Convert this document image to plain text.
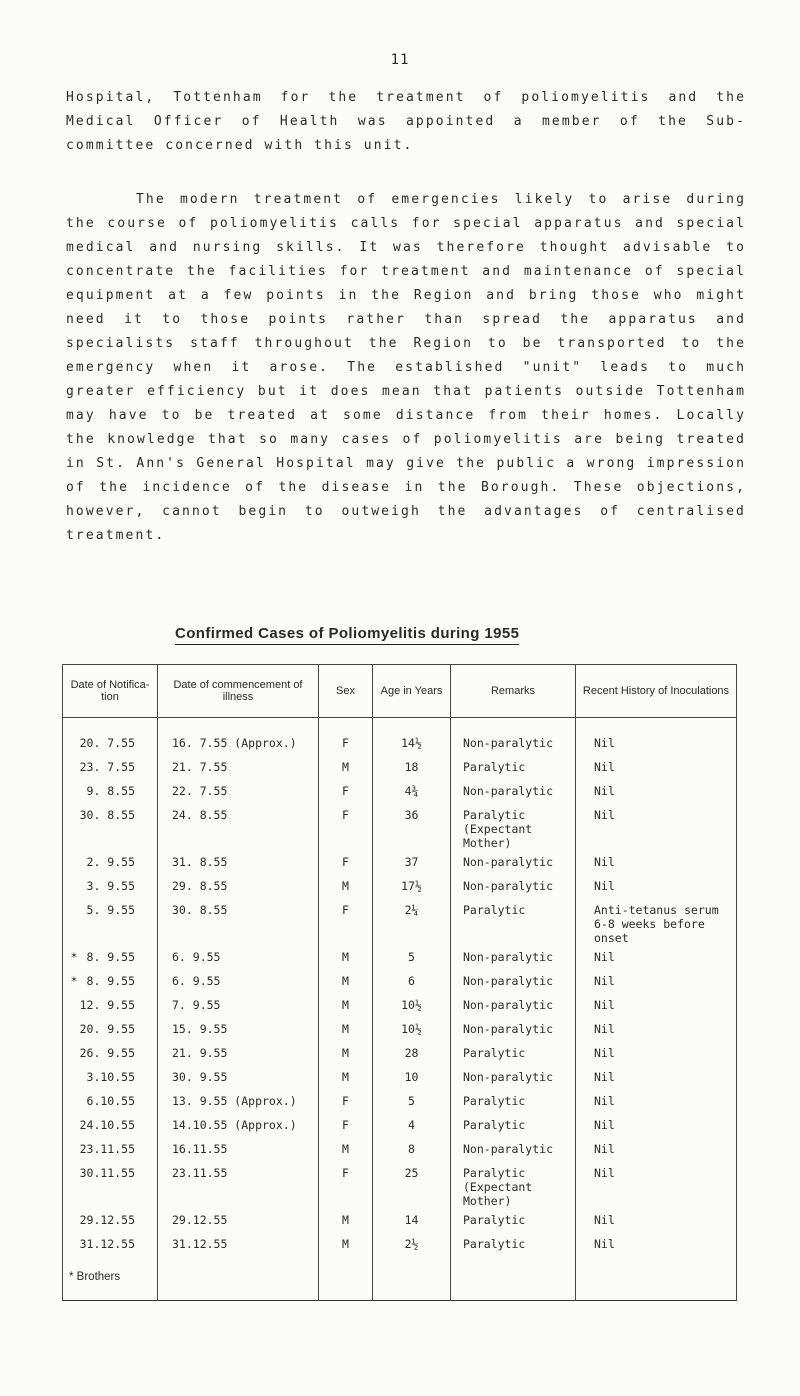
11

Hospital, Tottenham for the treatment of poliomyelitis and the Medical Officer of Health was appointed a member of the Sub-committee concerned with this unit.

The modern treatment of emergencies likely to arise during the course of poliomyelitis calls for special apparatus and special medical and nursing skills. It was therefore thought advisable to concentrate the facilities for treatment and maintenance of special equipment at a few points in the Region and bring those who might need it to those points rather than spread the apparatus and specialists staff throughout the Region to be transported to the emergency when it arose. The established "unit" leads to much greater efficiency but it does mean that patients outside Tottenham may have to be treated at some distance from their homes. Locally the knowledge that so many cases of poliomyelitis are being treated in St. Ann's General Hospital may give the public a wrong impression of the incidence of the disease in the Borough. These objections, however, cannot begin to outweigh the advantages of centralised treatment.

Confirmed Cases of Poliomyelitis during 1955
Date of Notifica- tion	Date of commencement of illness	Sex	Age in Years	Remarks	Recent History of Inoculations
20. 7.55	16. 7.55 (Approx.)	F	14½	Non-paralytic	Nil
23. 7.55	21. 7.55	M	18	Paralytic	Nil
9. 8.55	22. 7.55	F	4¾	Non-paralytic	Nil
30. 8.55	24. 8.55	F	36	Paralytic (Expectant Mother)	Nil
2. 9.55	31. 8.55	F	37	Non-paralytic	Nil
3. 9.55	29. 8.55	M	17½	Non-paralytic	Nil
5. 9.55	30. 8.55	F	2¼	Paralytic	Anti-tetanus serum 6-8 weeks before onset
* 8. 9.55	6. 9.55	M	5	Non-paralytic	Nil
* 8. 9.55	6. 9.55	M	6	Non-paralytic	Nil
12. 9.55	7. 9.55	M	10½	Non-paralytic	Nil
20. 9.55	15. 9.55	M	10½	Non-paralytic	Nil
26. 9.55	21. 9.55	M	28	Paralytic	Nil
3.10.55	30. 9.55	M	10	Non-paralytic	Nil
6.10.55	13. 9.55 (Approx.)	F	5	Paralytic	Nil
24.10.55	14.10.55 (Approx.)	F	4	Paralytic	Nil
23.11.55	16.11.55	M	8	Non-paralytic	Nil
30.11.55	23.11.55	F	25	Paralytic (Expectant Mother)	Nil
29.12.55	29.12.55	M	14	Paralytic	Nil
31.12.55	31.12.55	M	2½	Paralytic	Nil
* Brothers					
